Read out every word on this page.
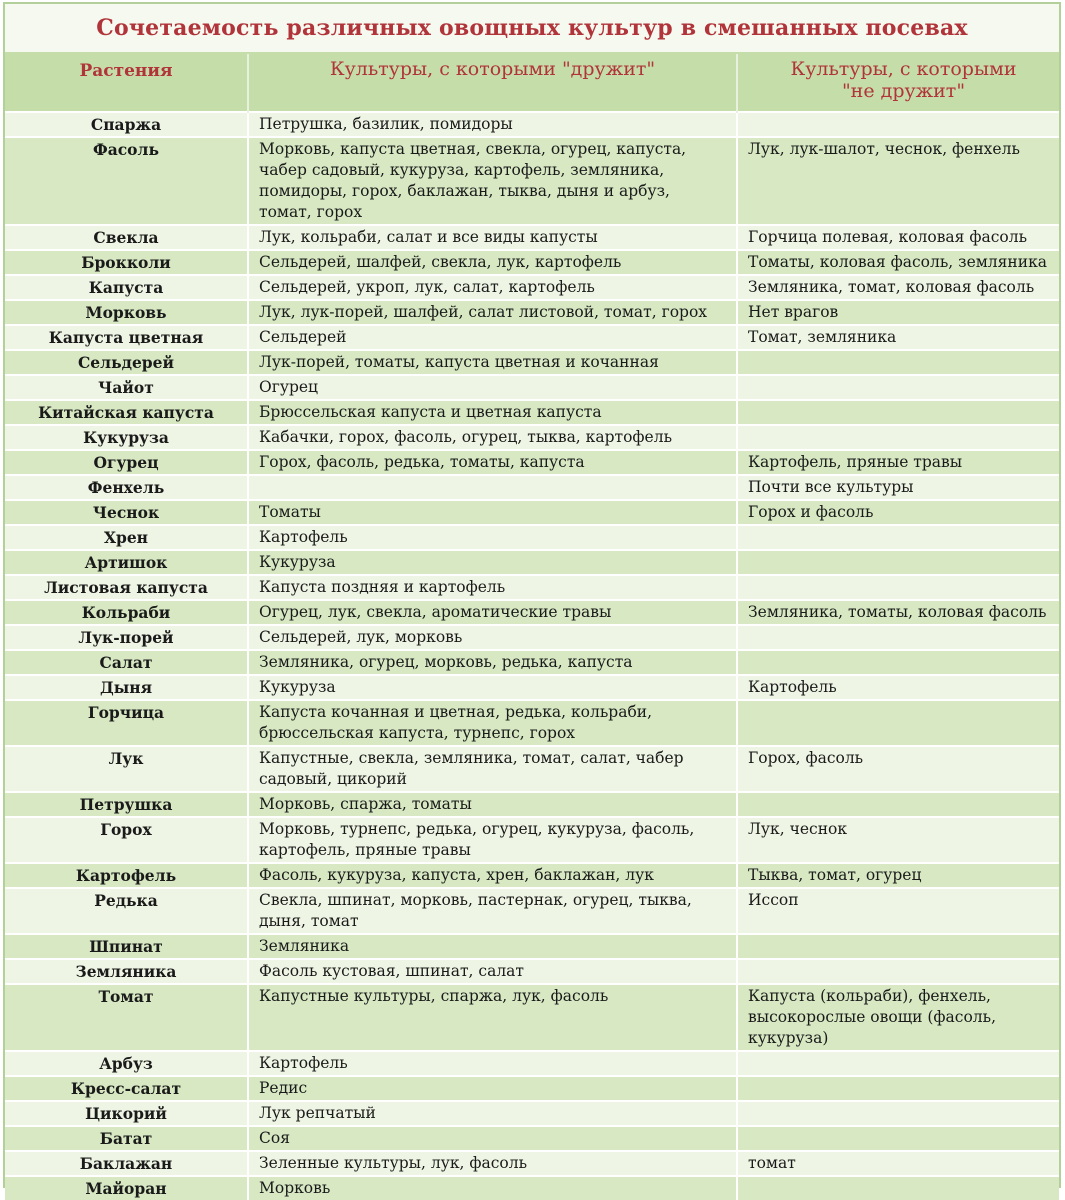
Сочетаемость различных овощных культур в смешанных посевах
Растения	Культуры, с которыми "дружит"	Культуры, с которыми "не дружит"
Спаржа	Петрушка, базилик, помидоры	
Фасоль	Морковь, капуста цветная, свекла, огурец, капуста, чабер садовый, кукуруза, картофель, земляника, помидоры, горох, баклажан, тыква, дыня и арбуз, томат, горох	Лук, лук-шалот, чеснок, фенхель
Свекла	Лук, кольраби, салат и все виды капусты	Горчица полевая, коловая фасоль
Брокколи	Сельдерей, шалфей, свекла, лук, картофель	Томаты, коловая фасоль, земляника
Капуста	Сельдерей, укроп, лук, салат, картофель	Земляника, томат, коловая фасоль
Морковь	Лук, лук-порей, шалфей, салат листовой, томат, горох	Нет врагов
Капуста цветная	Сельдерей	Томат, земляника
Сельдерей	Лук-порей, томаты, капуста цветная и кочанная	
Чайот	Огурец	
Китайская капуста	Брюссельская капуста и цветная капуста	
Кукуруза	Кабачки, горох, фасоль, огурец, тыква, картофель	
Огурец	Горох, фасоль, редька, томаты, капуста	Картофель, пряные травы
Фенхель		Почти все культуры
Чеснок	Томаты	Горох и фасоль
Хрен	Картофель	
Артишок	Кукуруза	
Листовая капуста	Капуста поздняя и картофель	
Кольраби	Огурец, лук, свекла, ароматические травы	Земляника, томаты, коловая фасоль
Лук-порей	Сельдерей, лук, морковь	
Салат	Земляника, огурец, морковь, редька, капуста	
Дыня	Кукуруза	Картофель
Горчица	Капуста кочанная и цветная, редька, кольраби, брюссельская капуста, турнепс, горох	
Лук	Капустные, свекла, земляника, томат, салат, чабер садовый, цикорий	Горох, фасоль
Петрушка	Морковь, спаржа, томаты	
Горох	Морковь, турнепс, редька, огурец, кукуруза, фасоль, картофель, пряные травы	Лук, чеснок
Картофель	Фасоль, кукуруза, капуста, хрен, баклажан, лук	Тыква, томат, огурец
Редька	Свекла, шпинат, морковь, пастернак, огурец, тыква, дыня, томат	Иссоп
Шпинат	Земляника	
Земляника	Фасоль кустовая, шпинат, салат	
Томат	Капустные культуры, спаржа, лук, фасоль	Капуста (кольраби), фенхель, высокорослые овощи (фасоль, кукуруза)
Арбуз	Картофель	
Кресс-салат	Редис	
Цикорий	Лук репчатый	
Батат	Соя	
Баклажан	Зеленные культуры, лук, фасоль	томат
Майоран	Морковь	
